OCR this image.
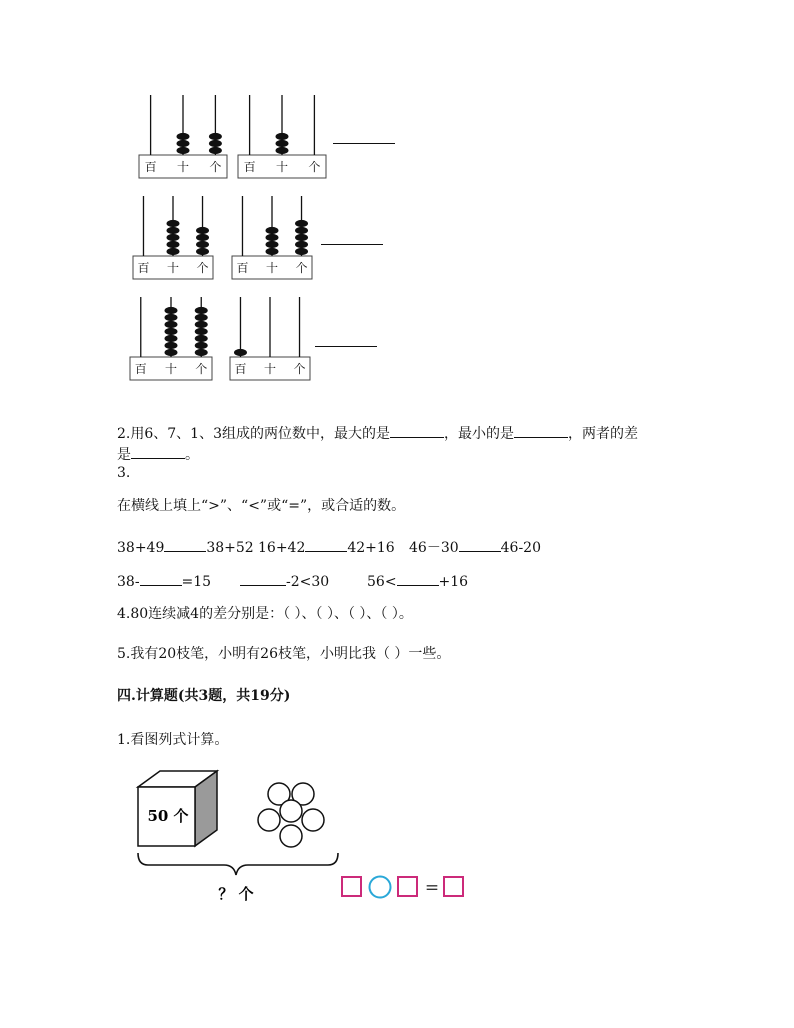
百 十 个 百 十 个
百 十 个 百 十 个
百 十 个 百 十 个
2.用6、7、1、3组成的两位数中，最大的是	，最小的是	，两者的差
是	。
3.
在横线上填上“>”、“<”或“=”，或合适的数。
38+49	38+52 16+42	42+16 46－30	46-20
38-	=15	-2<30	56<	+16
4.80连续减4的差分别是：（ ）、（ ）、（ ）、（ ）。
5.我有20枝笔，小明有26枝笔，小明比我（ ）一些。
四.计算题(共3题，共19分)
1.看图列式计算。
50 个
？ 个	=
